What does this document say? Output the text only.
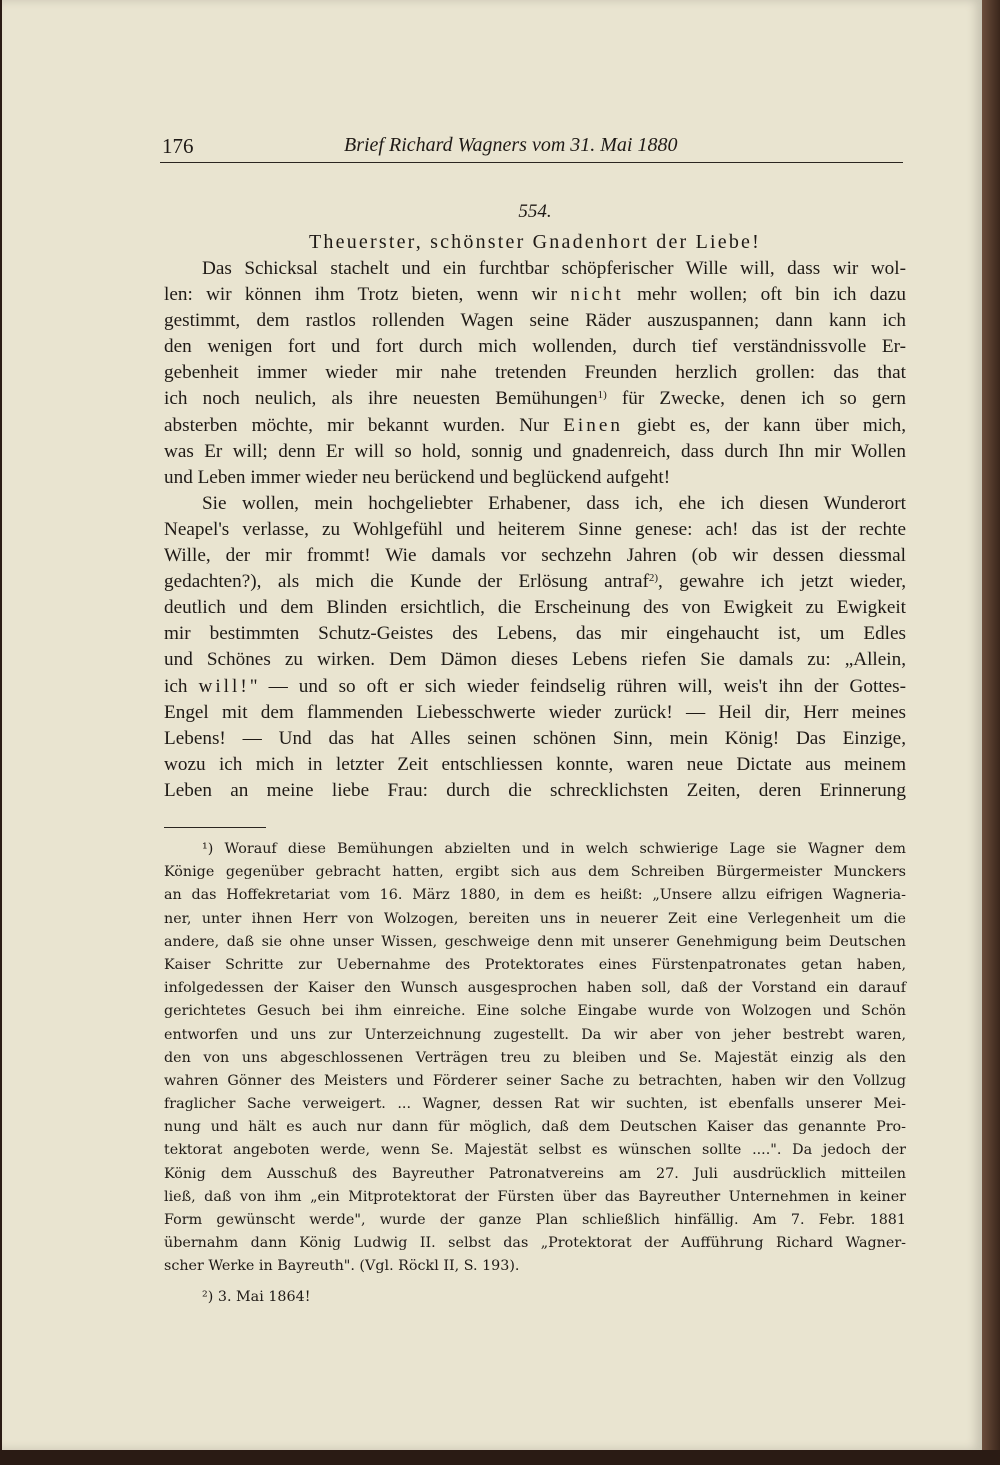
176	Brief Richard Wagners vom 31. Mai 1880
554.
Theuerster, schönster Gnadenhort der Liebe!
Das Schicksal stachelt und ein furchtbar schöpferischer Wille will, dass wir wol-
len: wir können ihm Trotz bieten, wenn wir nicht mehr wollen; oft bin ich dazu
gestimmt, dem rastlos rollenden Wagen seine Räder auszuspannen; dann kann ich
den wenigen fort und fort durch mich wollenden, durch tief verständnissvolle Er-
gebenheit immer wieder mir nahe tretenden Freunden herzlich grollen: das that
ich noch neulich, als ihre neuesten Bemühungen$^{1)}$ für Zwecke, denen ich so gern
absterben möchte, mir bekannt wurden. Nur Einen giebt es, der kann über mich,
was Er will; denn Er will so hold, sonnig und gnadenreich, dass durch Ihn mir Wollen
und Leben immer wieder neu berückend und beglückend aufgeht!
Sie wollen, mein hochgeliebter Erhabener, dass ich, ehe ich diesen Wunderort
Neapel's verlasse, zu Wohlgefühl und heiterem Sinne genese: ach! das ist der rechte
Wille, der mir frommt! Wie damals vor sechzehn Jahren (ob wir dessen diessmal
gedachten?), als mich die Kunde der Erlösung antraf$^{2)}$, gewahre ich jetzt wieder,
deutlich und dem Blinden ersichtlich, die Erscheinung des von Ewigkeit zu Ewigkeit
mir bestimmten Schutz-Geistes des Lebens, das mir eingehaucht ist, um Edles
und Schönes zu wirken. Dem Dämon dieses Lebens riefen Sie damals zu: „Allein,
ich will!" — und so oft er sich wieder feindselig rühren will, weis't ihn der Gottes-
Engel mit dem flammenden Liebesschwerte wieder zurück! — Heil dir, Herr meines
Lebens! — Und das hat Alles seinen schönen Sinn, mein König! Das Einzige,
wozu ich mich in letzter Zeit entschliessen konnte, waren neue Dictate aus meinem
Leben an meine liebe Frau: durch die schrecklichsten Zeiten, deren Erinnerung
¹) Worauf diese Bemühungen abzielten und in welch schwierige Lage sie Wagner dem
Könige gegenüber gebracht hatten, ergibt sich aus dem Schreiben Bürgermeister Munckers
an das Hoffekretariat vom 16. März 1880, in dem es heißt: „Unsere allzu eifrigen Wagneria-
ner, unter ihnen Herr von Wolzogen, bereiten uns in neuerer Zeit eine Verlegenheit um die
andere, daß sie ohne unser Wissen, geschweige denn mit unserer Genehmigung beim Deutschen
Kaiser Schritte zur Uebernahme des Protektorates eines Fürstenpatronates getan haben,
infolgedessen der Kaiser den Wunsch ausgesprochen haben soll, daß der Vorstand ein darauf
gerichtetes Gesuch bei ihm einreiche. Eine solche Eingabe wurde von Wolzogen und Schön
entworfen und uns zur Unterzeichnung zugestellt. Da wir aber von jeher bestrebt waren,
den von uns abgeschlossenen Verträgen treu zu bleiben und Se. Majestät einzig als den
wahren Gönner des Meisters und Förderer seiner Sache zu betrachten, haben wir den Vollzug
fraglicher Sache verweigert. ... Wagner, dessen Rat wir suchten, ist ebenfalls unserer Mei-
nung und hält es auch nur dann für möglich, daß dem Deutschen Kaiser das genannte Pro-
tektorat angeboten werde, wenn Se. Majestät selbst es wünschen sollte ....". Da jedoch der
König dem Ausschuß des Bayreuther Patronatvereins am 27. Juli ausdrücklich mitteilen
ließ, daß von ihm „ein Mitprotektorat der Fürsten über das Bayreuther Unternehmen in keiner
Form gewünscht werde", wurde der ganze Plan schließlich hinfällig. Am 7. Febr. 1881
übernahm dann König Ludwig II. selbst das „Protektorat der Aufführung Richard Wagner-
scher Werke in Bayreuth". (Vgl. Röckl II, S. 193).
²) 3. Mai 1864!
